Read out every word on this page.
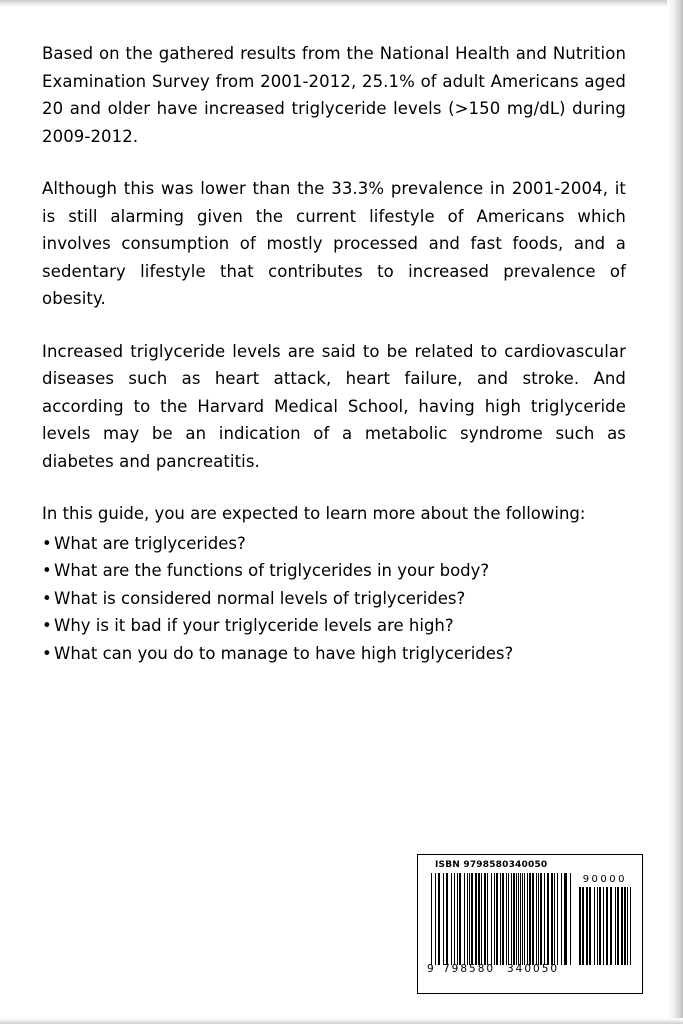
Based on the gathered results from the National Health and Nutrition Examination Survey from 2001-2012, 25.1% of adult Americans aged 20 and older have increased triglyceride levels (>150 mg/dL) during 2009-2012.

Although this was lower than the 33.3% prevalence in 2001-2004, it is still alarming given the current lifestyle of Americans which involves consumption of mostly processed and fast foods, and a sedentary lifestyle that contributes to increased prevalence of obesity.

Increased triglyceride levels are said to be related to cardiovascular diseases such as heart attack, heart failure, and stroke. And according to the Harvard Medical School, having high triglyceride levels may be an indication of a metabolic syndrome such as diabetes and pancreatitis.

In this guide, you are expected to learn more about the following:

• What are triglycerides?
• What are the functions of triglycerides in your body?
• What is considered normal levels of triglycerides?
• Why is it bad if your triglyceride levels are high?
• What can you do to manage to have high triglycerides?
ISBN 9798580340050
90000
9 798580 340050
